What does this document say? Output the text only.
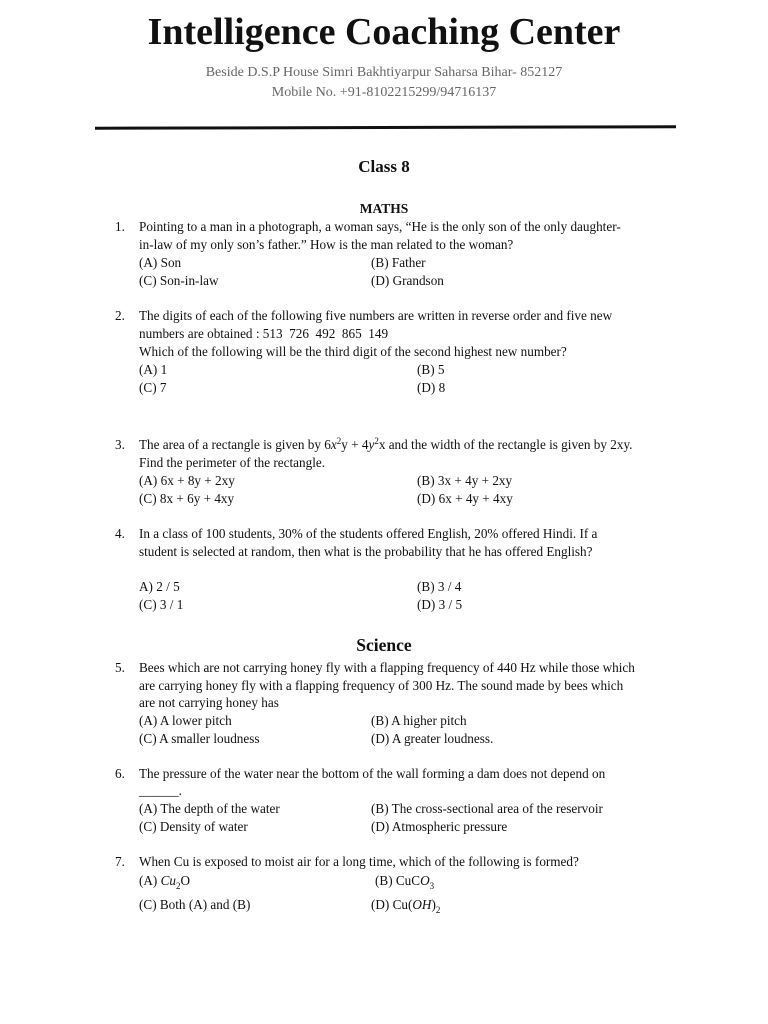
Intelligence Coaching Center
Beside D.S.P House Simri Bakhtiyarpur Saharsa Bihar- 852127
Mobile No. +91-8102215299/94716137
Class 8
MATHS
1. Pointing to a man in a photograph, a woman says, “He is the only son of the only daughter-
in-law of my only son’s father.” How is the man related to the woman?
(A) Son	(B) Father
(C) Son-in-law	(D) Grandson
2. The digits of each of the following five numbers are written in reverse order and five new
numbers are obtained : 513  726  492  865  149
Which of the following will be the third digit of the second highest new number?
(A) 1	(B) 5
(C) 7	(D) 8
3. The area of a rectangle is given by $6x^2y + 4y^2x$ and the width of the rectangle is given by 2xy.
Find the perimeter of the rectangle.
(A) 6x + 8y + 2xy	(B) 3x + 4y + 2xy
(C) 8x + 6y + 4xy	(D) 6x + 4y + 4xy
4. In a class of 100 students, 30% of the students offered English, 20% offered Hindi. If a
student is selected at random, then what is the probability that he has offered English?
A) 2 / 5	(B) 3 / 4
(C) 3 / 1	(D) 3 / 5
Science
5. Bees which are not carrying honey fly with a flapping frequency of 440 Hz while those which
are carrying honey fly with a flapping frequency of 300 Hz. The sound made by bees which
are not carrying honey has
(A) A lower pitch	(B) A higher pitch
(C) A smaller loudness	(D) A greater loudness.
6. The pressure of the water near the bottom of the wall forming a dam does not depend on
______.
(A) The depth of the water	(B) The cross-sectional area of the reservoir
(C) Density of water	(D) Atmospheric pressure
7. When Cu is exposed to moist air for a long time, which of the following is formed?
(A) $Cu_2O$	(B) CuCO$_3$
(C) Both (A) and (B)	(D) $Cu(OH)_2$
